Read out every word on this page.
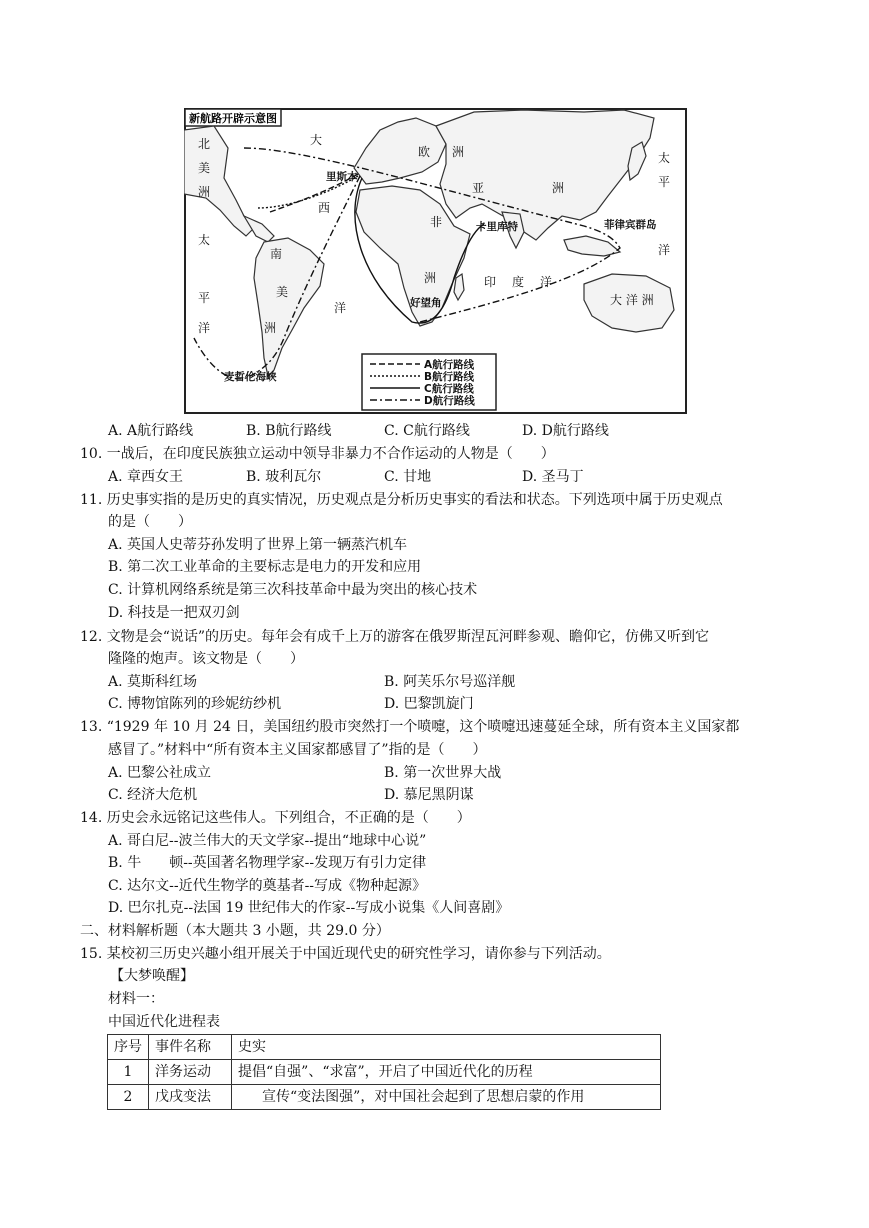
新航路开辟示意图
北
美
洲
太
平
洋
大
西
洋
南
美
洲
欧 洲
非
洲
亚	洲
太
平
洋
印 度 洋
大 洋 洲
里斯本
卡里库特	菲律宾群岛
好望角
麦哲伦海峡
A航行路线
B航行路线
C航行路线
D航行路线
A. A航行路线	B. B航行路线	C. C航行路线	D. D航行路线
10. 一战后，在印度民族独立运动中领导非暴力不合作运动的人物是（　　）
A. 章西女王	B. 玻利瓦尔	C. 甘地	D. 圣马丁
11. 历史事实指的是历史的真实情况，历史观点是分析历史事实的看法和状态。下列选项中属于历史观点
的是（　　）
A. 英国人史蒂芬孙发明了世界上第一辆蒸汽机车
B. 第二次工业革命的主要标志是电力的开发和应用
C. 计算机网络系统是第三次科技革命中最为突出的核心技术
D. 科技是一把双刃剑
12. 文物是会“说话”的历史。每年会有成千上万的游客在俄罗斯涅瓦河畔参观、瞻仰它，仿佛又听到它
隆隆的炮声。该文物是（　　）
A. 莫斯科红场	B. 阿芙乐尔号巡洋舰
C. 博物馆陈列的珍妮纺纱机	D. 巴黎凯旋门
13. “1929 年 10 月 24 日，美国纽约股市突然打一个喷嚏，这个喷嚏迅速蔓延全球，所有资本主义国家都
感冒了。”材料中“所有资本主义国家都感冒了”指的是（　　）
A. 巴黎公社成立	B. 第一次世界大战
C. 经济大危机	D. 慕尼黑阴谋
14. 历史会永远铭记这些伟人。下列组合，不正确的是（　　）
A. 哥白尼--波兰伟大的天文学家--提出“地球中心说”
B. 牛　　顿--英国著名物理学家--发现万有引力定律
C. 达尔文--近代生物学的奠基者--写成《物种起源》
D. 巴尔扎克--法国 19 世纪伟大的作家--写成小说集《人间喜剧》
二、材料解析题（本大题共 3 小题，共 29.0 分）
15. 某校初三历史兴趣小组开展关于中国近现代史的研究性学习，请你参与下列活动。
【大梦唤醒】
材料一：
中国近代化进程表
序号	事件名称	史实
1	洋务运动	提倡“自强”、“求富”，开启了中国近代化的历程
2	戊戌变法	宣传“变法图强”，对中国社会起到了思想启蒙的作用
